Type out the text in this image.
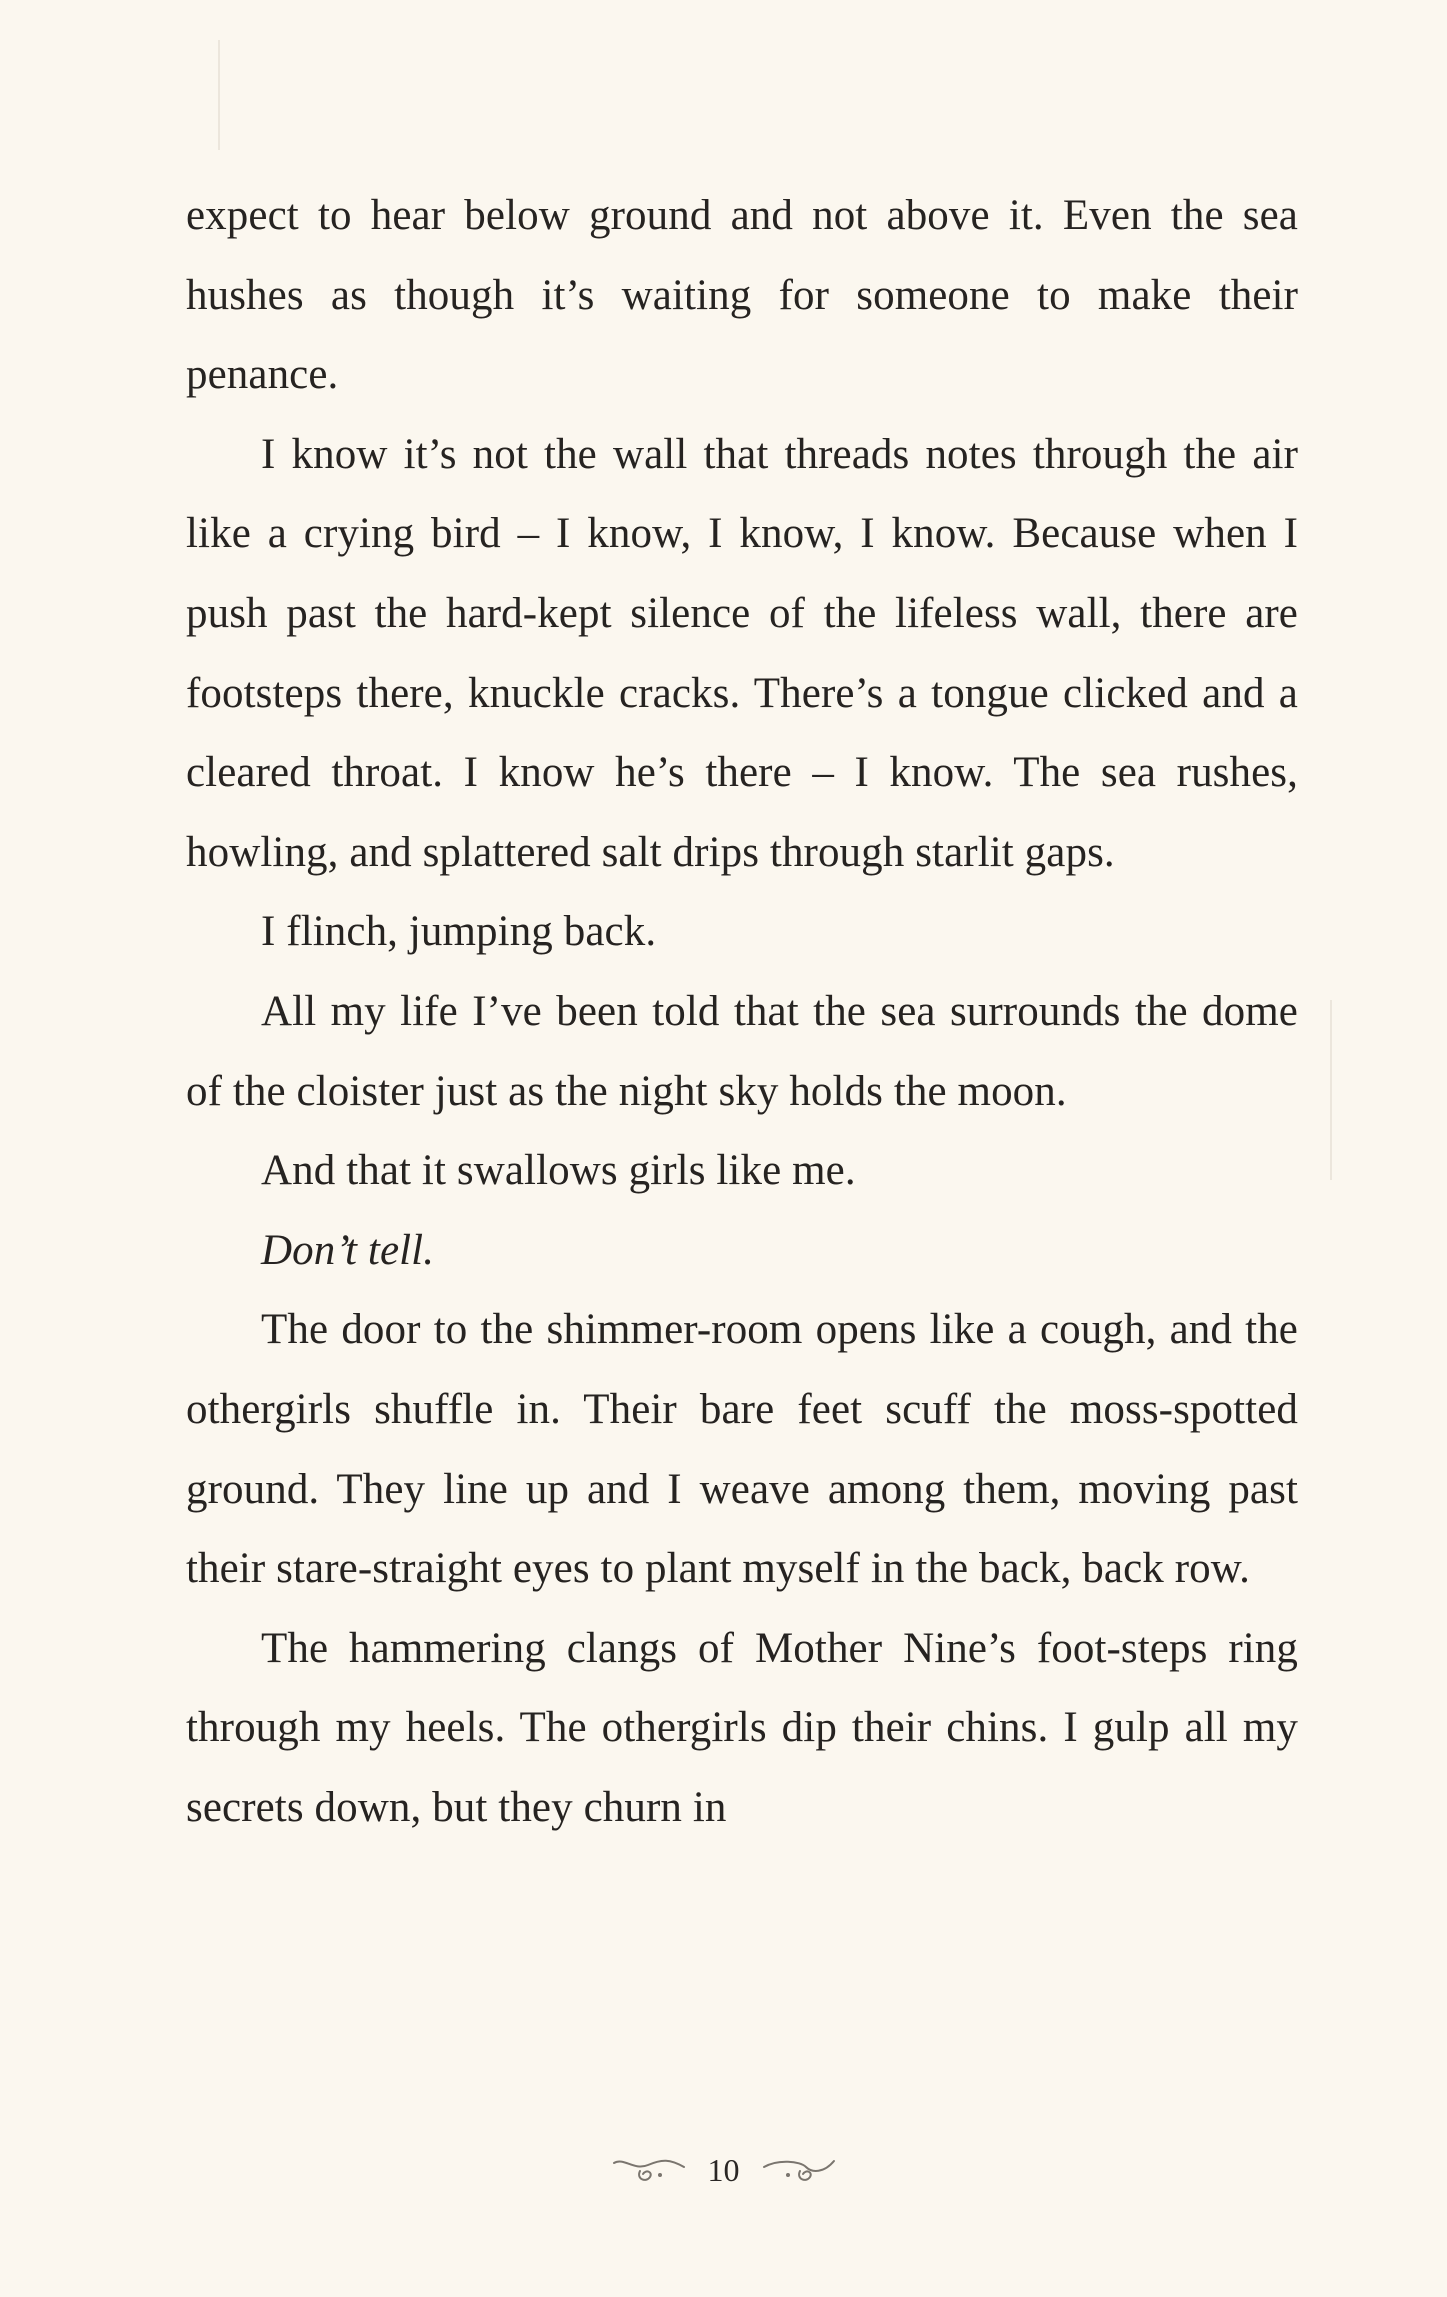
expect to hear below ground and not above it. Even the sea hushes as though it’s waiting for someone to make their penance.

I know it’s not the wall that threads notes through the air like a crying bird – I know, I know, I know. Because when I push past the hard-kept silence of the lifeless wall, there are footsteps there, knuckle cracks. There’s a tongue clicked and a cleared throat. I know he’s there – I know. The sea rushes, howling, and splattered salt drips through starlit gaps.

I flinch, jumping back.

All my life I’ve been told that the sea surrounds the dome of the cloister just as the night sky holds the moon.

And that it swallows girls like me.

Don’t tell.

The door to the shimmer-room opens like a cough, and the othergirls shuffle in. Their bare feet scuff the moss-spotted ground. They line up and I weave among them, moving past their stare-straight eyes to plant myself in the back, back row.

The hammering clangs of Mother Nine’s foot-steps ring through my heels. The othergirls dip their chins. I gulp all my secrets down, but they churn in

10
